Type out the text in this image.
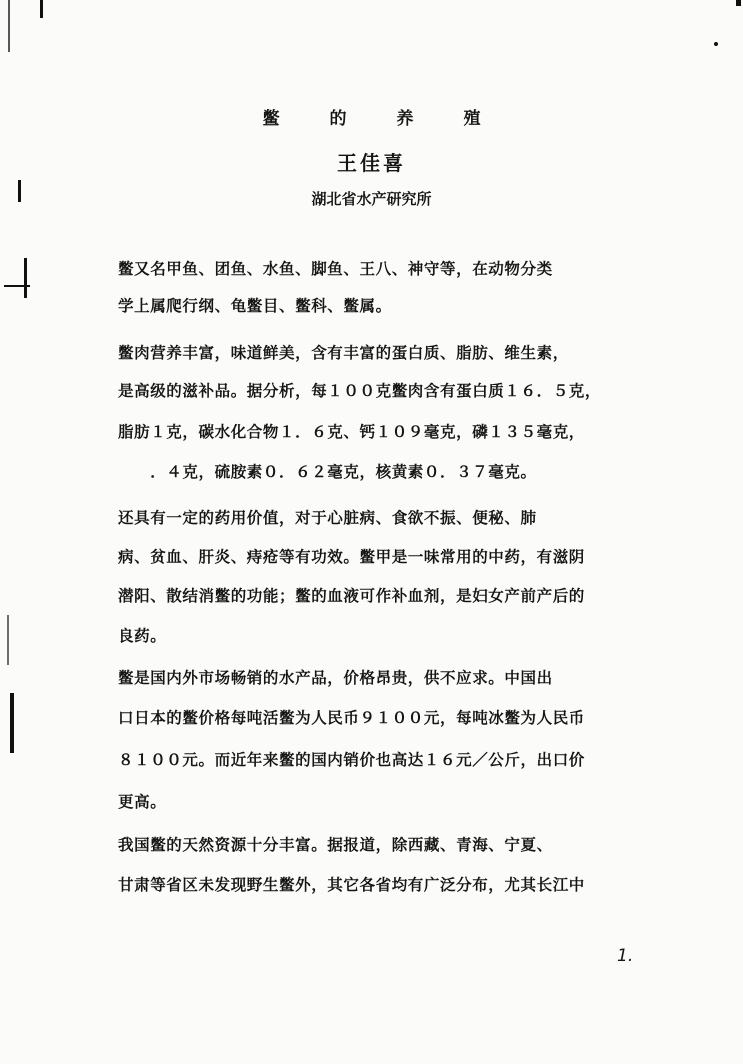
鳖	的	养	殖
王佳喜
湖北省水产研究所
鳖又名甲鱼、团鱼、水鱼、脚鱼、王八、神守等，在动物分类
学上属爬行纲、龟鳖目、鳖科、鳖属。
鳖肉营养丰富，味道鲜美，含有丰富的蛋白质、脂肪、维生素，
是高级的滋补品。据分析，每１００克鳖肉含有蛋白质１６．５克，
脂肪１克，碳水化合物１．６克、钙１０９毫克，磷１３５毫克，
　　．４克，硫胺素０．６２毫克，核黄素０．３７毫克。
还具有一定的药用价值，对于心脏病、食欲不振、便秘、肺
病、贫血、肝炎、痔疮等有功效。鳖甲是一味常用的中药，有滋阴
潜阳、散结消鳖的功能；鳖的血液可作补血剂，是妇女产前产后的
良药。
鳖是国内外市场畅销的水产品，价格昂贵，供不应求。中国出
口日本的鳖价格每吨活鳖为人民币９１００元，每吨冰鳖为人民币
８１００元。而近年来鳖的国内销价也高达１６元／公斤，出口价
更高。
我国鳖的天然资源十分丰富。据报道，除西藏、青海、宁夏、
甘肃等省区未发现野生鳖外，其它各省均有广泛分布，尤其长江中
1.
